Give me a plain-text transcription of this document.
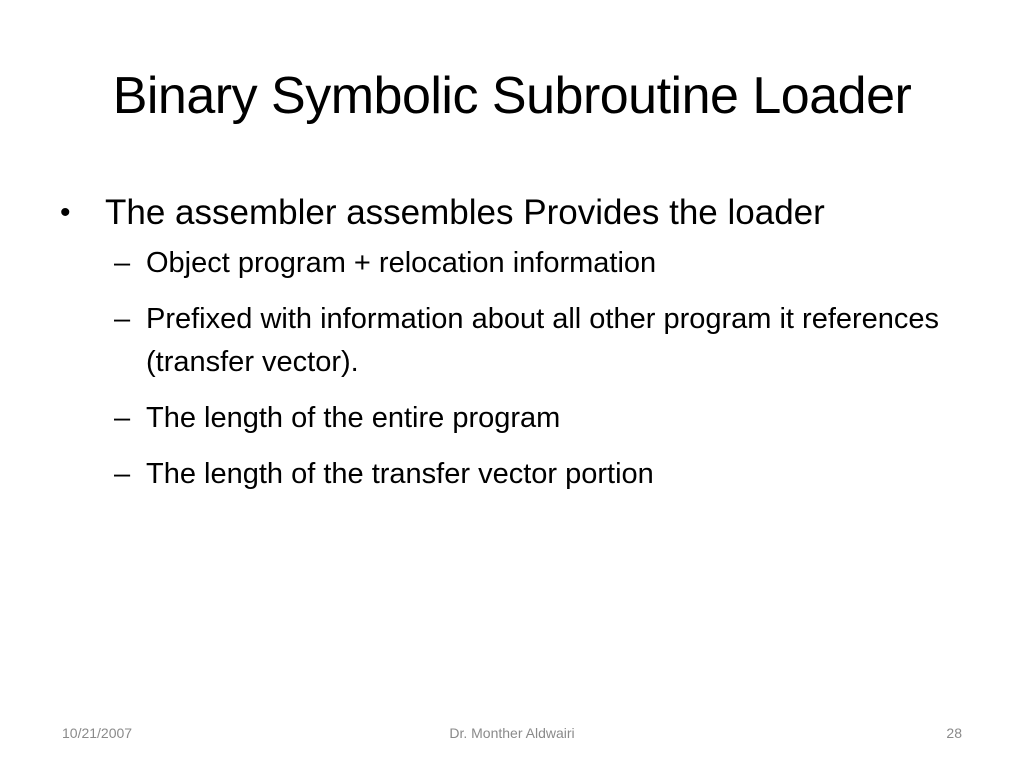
Binary Symbolic Subroutine Loader
• The assembler assembles Provides the loader
– Object program + relocation information
– Prefixed with information about all other program it references (transfer vector).
– The length of the entire program
– The length of the transfer vector portion
10/21/2007	Dr. Monther Aldwairi	28
